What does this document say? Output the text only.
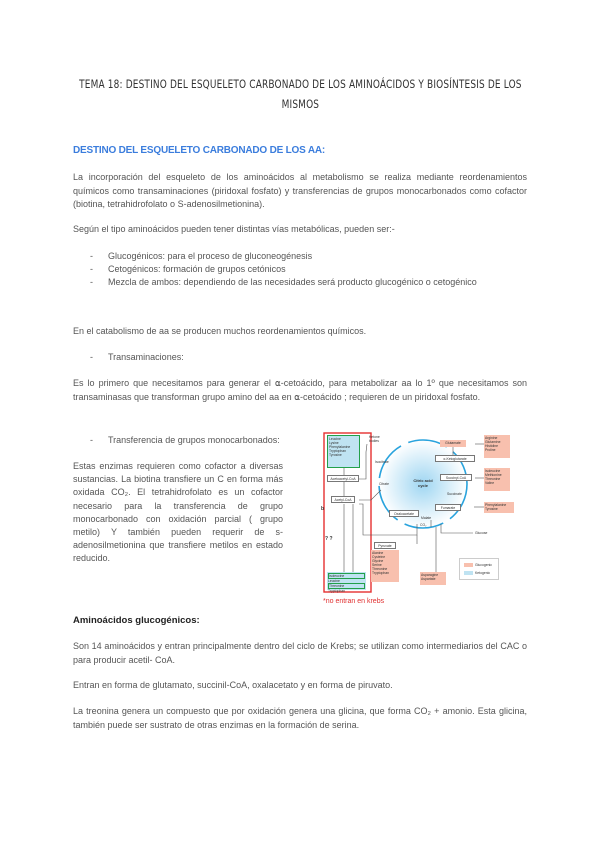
TEMA 18: DESTINO DEL ESQUELETO CARBONADO DE LOS AMINOÁCIDOS Y BIOSÍNTESIS DE LOS MISMOS
DESTINO DEL ESQUELETO CARBONADO DE LOS AA:
La incorporación del esqueleto de los aminoácidos al metabolismo se realiza mediante reordenamientos químicos como transaminaciones (piridoxal fosfato) y transferencias de grupos monocarbonados como cofactor (biotina, tetrahidrofolato o S-adenosilmetionina).
Según el tipo aminoácidos pueden tener distintas vías metabólicas, pueden ser:-
- Glucogénicos: para el proceso de gluconeogénesis
- Cetogénicos: formación de grupos cetónicos
- Mezcla de ambos: dependiendo de las necesidades será producto glucogénico o cetogénico
En el catabolismo de aa se producen muchos reordenamientos químicos.
- Transaminaciones:
Es lo primero que necesitamos para generar el ⍺-cetoácido, para metabolizar aa lo 1º que necesitamos son transaminasas que transforman grupo amino del aa en ⍺-cetoácido ; requieren de un piridoxal fosfato.
- Transferencia de grupos monocarbonados:
Estas enzimas requieren como cofactor a diversas sustancias. La biotina transfiere un C en forma más oxidada CO₂. El tetrahidrofolato es un cofactor necesario para la transferencia de grupo monocarbonado con oxidación parcial ( grupo metilo) Y también pueden requerir de s-adenosilmetionina que transfiere metilos en estado reducido.
Leucine
Lysine
Phenylalanine
Tryptophan
Tyrosine
Ketone bodies
Acetoacetyl-CoA
Acetyl-CoA
Isocitrate
Citrate
Citric acid cycle
α-Ketoglutarate
Glutamate
Arginine
Glutamine
Histidine
Proline
Succinyl-CoA
Isoleucine
Methionine
Threonine
Valine
Succinate
Fumarate
Phenylalanine
Tyrosine
Oxaloacetate
Malate
CO₂
Glucose
Pyruvate
Alanine
Cysteine
Glycine
Serine
Threonine
Tryptophan	Asparagine
Aspartate
Isoleucine
Leucine
Threonine
Tryptophan
b
? ?
Glucogenic
Ketogenic
*no entran en krebs
Aminoácidos glucogénicos:
Son 14 aminoácidos y entran principalmente dentro del ciclo de Krebs; se utilizan como intermediarios del CAC o para producir acetil- CoA.
Entran en forma de glutamato, succinil-CoA, oxalacetato y en forma de piruvato.
La treonina genera un compuesto que por oxidación genera una glicina, que forma CO₂ + amonio. Esta glicina, también puede ser sustrato de otras enzimas en la formación de serina.
